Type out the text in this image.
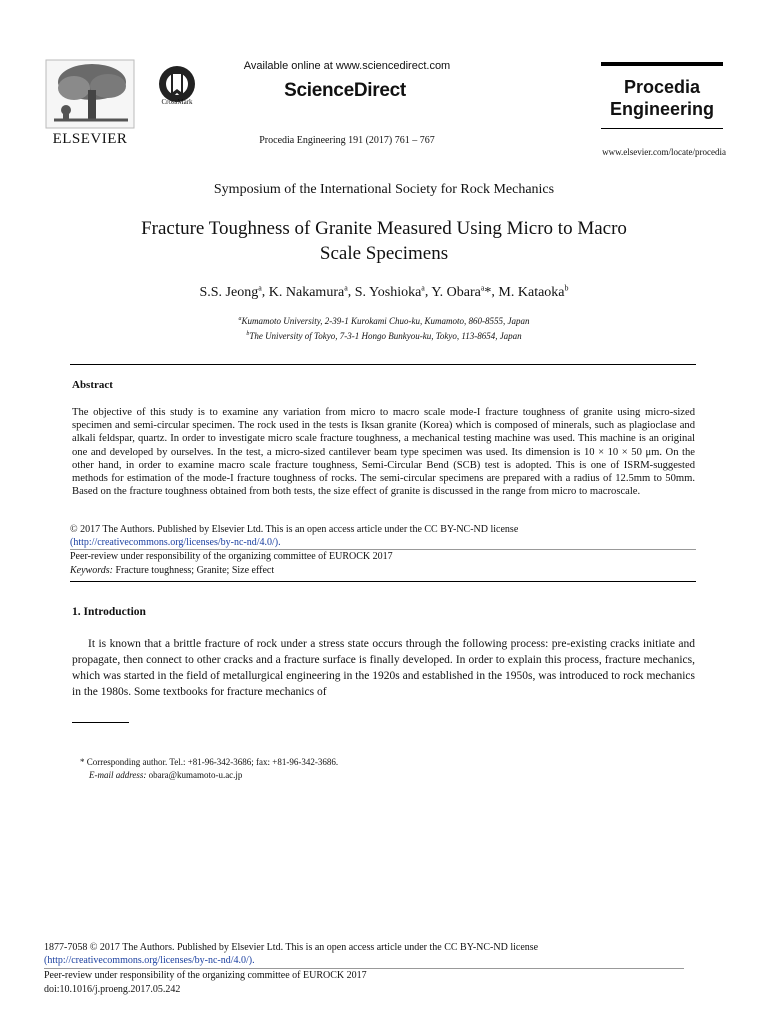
ELSEVIER
CrossMark
Available online at www.sciencedirect.com
ScienceDirect
Procedia Engineering 191 (2017) 761 – 767
Procedia
Engineering
www.elsevier.com/locate/procedia
Symposium of the International Society for Rock Mechanics
Fracture Toughness of Granite Measured Using Micro to Macro
Scale Specimens
S.S. Jeong$^a$, K. Nakamura$^a$, S. Yoshioka$^a$, Y. Obara$^a$*, M. Kataoka$^b$
$^a$Kumamoto University, 2-39-1 Kurokami Chuo-ku, Kumamoto, 860-8555, Japan
$^b$The University of Tokyo, 7-3-1 Hongo Bunkyou-ku, Tokyo, 113-8654, Japan
Abstract
The objective of this study is to examine any variation from micro to macro scale mode-I fracture toughness of granite using micro-sized specimen and semi-circular specimen. The rock used in the tests is Iksan granite (Korea) which is composed of minerals, such as plagioclase and alkali feldspar, quartz. In order to investigate micro scale fracture toughness, a mechanical testing machine was used. This machine is an original one and developed by ourselves. In the test, a micro-sized cantilever beam type specimen was used. Its dimension is 10 × 10 × 50 μm. On the other hand, in order to examine macro scale fracture toughness, Semi-Circular Bend (SCB) test is adopted. This is one of ISRM-suggested methods for estimation of the mode-I fracture toughness of rocks. The semi-circular specimens are prepared with a radius of 12.5mm to 50mm. Based on the fracture toughness obtained from both tests, the size effect of granite is discussed in the range from micro to macroscale.
© 2017 The Authors. Published by Elsevier Ltd. This is an open access article under the CC BY-NC-ND license
(http://creativecommons.org/licenses/by-nc-nd/4.0/).
Peer-review under responsibility of the organizing committee of EUROCK 2017
Keywords: Fracture toughness; Granite; Size effect
1. Introduction
It is known that a brittle fracture of rock under a stress state occurs through the following process: pre-existing cracks initiate and propagate, then connect to other cracks and a fracture surface is finally developed. In order to explain this process, fracture mechanics, which was started in the field of metallurgical engineering in the 1920s and established in the 1950s, was introduced to rock mechanics in the 1980s. Some textbooks for fracture mechanics of
* Corresponding author. Tel.: +81-96-342-3686; fax: +81-96-342-3686.
E-mail address: obara@kumamoto-u.ac.jp
1877-7058 © 2017 The Authors. Published by Elsevier Ltd. This is an open access article under the CC BY-NC-ND license
(http://creativecommons.org/licenses/by-nc-nd/4.0/).
Peer-review under responsibility of the organizing committee of EUROCK 2017
doi:10.1016/j.proeng.2017.05.242
